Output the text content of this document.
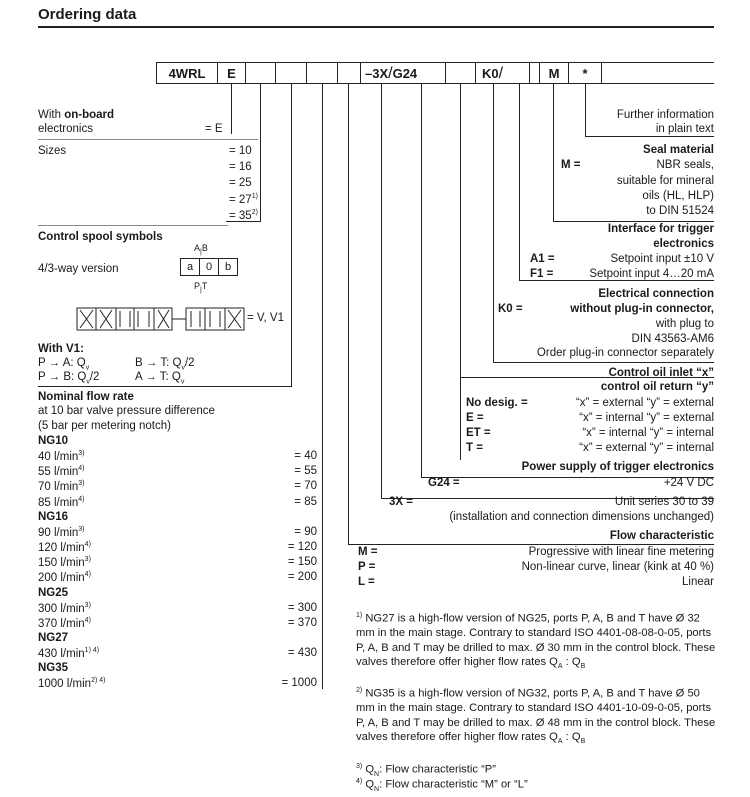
Ordering data
4WRL	E	–3X/G24	K0/	M	*
With on-board
electronics	= E
Sizes	= 10
= 16
= 25
= $27^{1)}$
= $35^{2)}$
Control spool symbols
4/3-way version
$A_|B$
a	0	b
$P_|T$
= V, V1
With V1:
P → A: $Q_v$	B → T: $Q_v/2$
P → B: $Q_v/2$	A → T: $Q_v$
Nominal flow rate
at 10 bar valve pressure difference
(5 bar per metering notch)
NG10
40 $l/\min^{3)}$	= 40
55 $l/\min^{4)}$	= 55
70 $l/\min^{3)}$	= 70
85 $l/\min^{4)}$	= 85
NG16
90 $l/\min^{3)}$	= 90
120 $l/\min^{4)}$	= 120
150 $l/\min^{3)}$	= 150
200 $l/\min^{4)}$	= 200
NG25
300 $l/\min^{3)}$	= 300
370 $l/\min^{4)}$	= 370
NG27
430 $l/\min^{1) 4)}$	= 430
NG35
1000 $l/\min^{2) 4)}$	= 1000
Further information
in plain text
Seal material
M =	NBR seals,
suitable for mineral
oils (HL, HLP)
to DIN 51524
Interface for trigger
electronics
A1 =	Setpoint input ±10 V
F1 =	Setpoint input 4…20 mA
Electrical connection
K0 =	without plug-in connector,
with plug to
DIN 43563-AM6
Order plug-in connector separately
Control oil inlet “x”
control oil return “y”
No desig. =	“x” = external “y” = external
E =	“x” = internal “y” = external
ET =	“x” = internal “y” = internal
T =	“x” = external “y” = internal
Power supply of trigger electronics
G24 =	+24 V DC
3X =	Unit series 30 to 39
(installation and connection dimensions unchanged)
Flow characteristic
M =	Progressive with linear fine metering
P =	Non-linear curve, linear (kink at 40 %)
L =	Linear
$^{1)}$ NG27 is a high-flow version of NG25, ports P, A, B and T have Ø 32 mm in the main stage. Contrary to standard ISO 4401-08-08-0-05, ports P, A, B and T may be drilled to max. Ø 30 mm in the control block. These valves therefore offer higher flow rates $Q_A$ : $Q_B$
$^{2)}$ NG35 is a high-flow version of NG32, ports P, A, B and T have Ø 50 mm in the main stage. Contrary to standard ISO 4401-10-09-0-05, ports P, A, B and T may be drilled to max. Ø 48 mm in the control block. These valves therefore offer higher flow rates $Q_A$ : $Q_B$
$^{3)}$ $Q_N$: Flow characteristic “P”
$^{4)}$ $Q_N$: Flow characteristic “M” or “L”
